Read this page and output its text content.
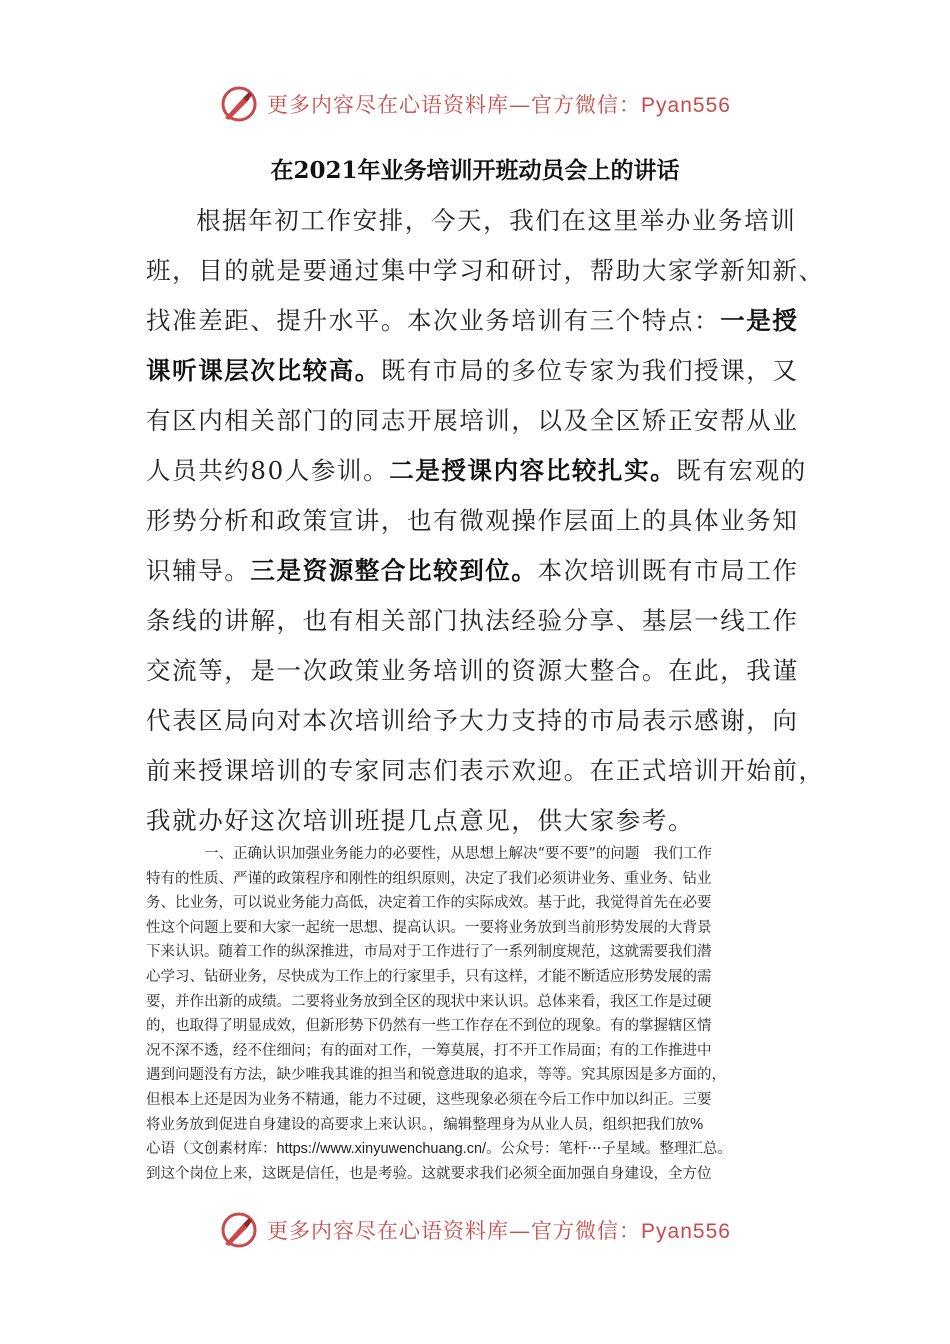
更多内容尽在心语资料库—官方微信：Pyan556
在2021年业务培训开班动员会上的讲话
根据年初工作安排，今天，我们在这里举办业务培训
班，目的就是要通过集中学习和研讨，帮助大家学新知新、
找准差距、提升水平。本次业务培训有三个特点：一是授
课听课层次比较高。既有市局的多位专家为我们授课，又
有区内相关部门的同志开展培训，以及全区矫正安帮从业
人员共约80人参训。二是授课内容比较扎实。既有宏观的
形势分析和政策宣讲，也有微观操作层面上的具体业务知
识辅导。三是资源整合比较到位。本次培训既有市局工作
条线的讲解，也有相关部门执法经验分享、基层一线工作
交流等，是一次政策业务培训的资源大整合。在此，我谨
代表区局向对本次培训给予大力支持的市局表示感谢，向
前来授课培训的专家同志们表示欢迎。在正式培训开始前，
我就办好这次培训班提几点意见，供大家参考。
一、正确认识加强业务能力的必要性，从思想上解决“要不要”的问题　我们工作
特有的性质、严谨的政策程序和刚性的组织原则，决定了我们必须讲业务、重业务、钻业
务、比业务，可以说业务能力高低，决定着工作的实际成效。基于此，我觉得首先在必要
性这个问题上要和大家一起统一思想、提高认识。一要将业务放到当前形势发展的大背景
下来认识。随着工作的纵深推进，市局对于工作进行了一系列制度规范，这就需要我们潜
心学习、钻研业务，尽快成为工作上的行家里手，只有这样，才能不断适应形势发展的需
要，并作出新的成绩。二要将业务放到全区的现状中来认识。总体来看，我区工作是过硬
的，也取得了明显成效，但新形势下仍然有一些工作存在不到位的现象。有的掌握辖区情
况不深不透，经不住细问；有的面对工作，一筹莫展，打不开工作局面；有的工作推进中
遇到问题没有方法，缺少唯我其谁的担当和锐意进取的追求，等等。究其原因是多方面的，
但根本上还是因为业务不精通，能力不过硬，这些现象必须在今后工作中加以纠正。三要
将业务放到促进自身建设的高要求上来认识。，编辑整理身为从业人员，组织把我们放%
心语（文创素材库：https://www.xinyuwenchuang.cn/。公众号：笔杆···子星域。整理汇总。
到这个岗位上来，这既是信任，也是考验。这就要求我们必须全面加强自身建设，全方位
更多内容尽在心语资料库—官方微信：Pyan556
